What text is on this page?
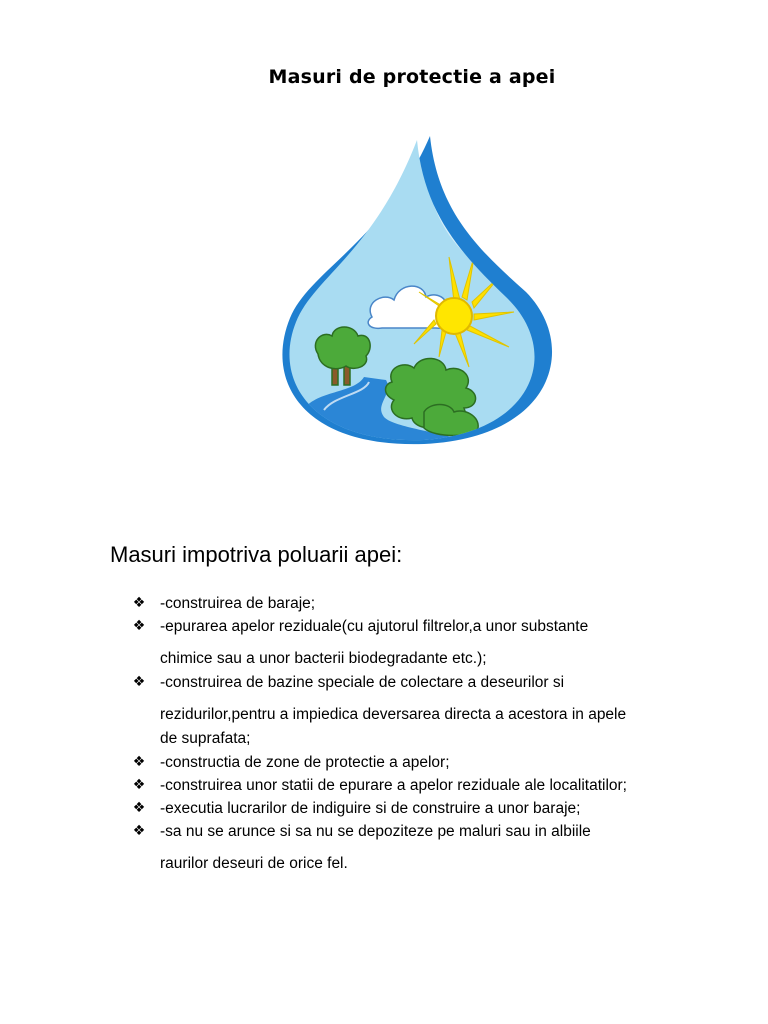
Masuri de protectie a apei
Masuri impotriva poluarii apei:
❖ -construirea de baraje;
❖ -epurarea apelor reziduale(cu ajutorul filtrelor,a unor substante
chimice sau a unor bacterii biodegradante etc.);
❖ -construirea de bazine speciale de colectare a deseurilor si
rezidurilor,pentru a impiedica deversarea directa a acestora in apele
de suprafata;
❖ -constructia de zone de protectie a apelor;
❖ -construirea unor statii de epurare a apelor reziduale ale localitatilor;
❖ -executia lucrarilor de indiguire si de construire a unor baraje;
❖ -sa nu se arunce si sa nu se depoziteze pe maluri sau in albiile
raurilor deseuri de orice fel.
